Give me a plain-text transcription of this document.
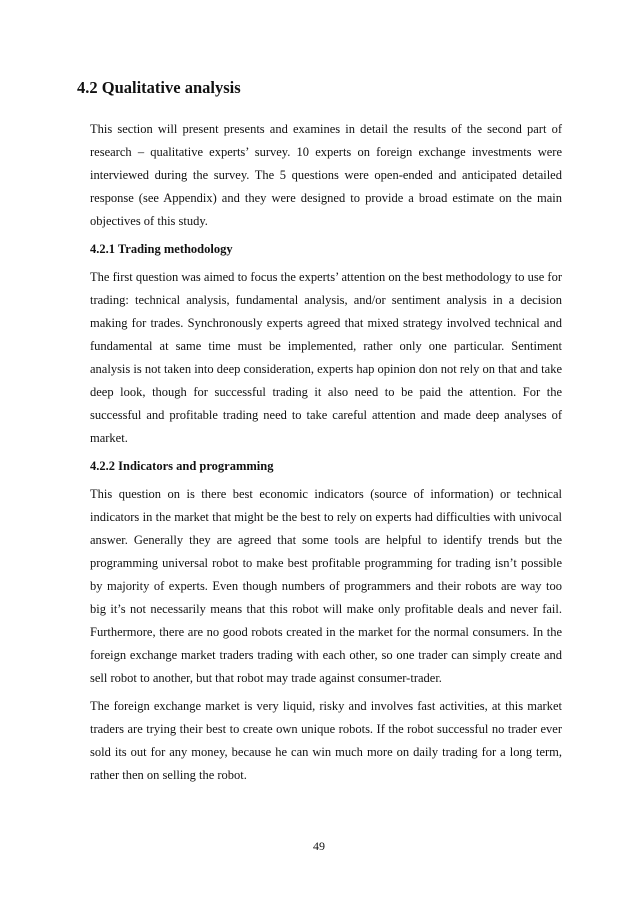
4.2 Qualitative analysis

This section will present presents and examines in detail the results of the second part of research – qualitative experts’ survey. 10 experts on foreign exchange investments were interviewed during the survey. The 5 questions were open-ended and anticipated detailed response (see Appendix) and they were designed to provide a broad estimate on the main objectives of this study.

4.2.1 Trading methodology

The first question was aimed to focus the experts’ attention on the best methodology to use for trading: technical analysis, fundamental analysis, and/or sentiment analysis in a decision making for trades. Synchronously experts agreed that mixed strategy involved technical and fundamental at same time must be implemented, rather only one particular. Sentiment analysis is not taken into deep consideration, experts hap opinion don not rely on that and take deep look, though for successful trading it also need to be paid the attention. For the successful and profitable trading need to take careful attention and made deep analyses of market.

4.2.2 Indicators and programming

This question on is there best economic indicators (source of information) or technical indicators in the market that might be the best to rely on experts had difficulties with univocal answer. Generally they are agreed that some tools are helpful to identify trends but the programming universal robot to make best profitable programming for trading isn’t possible by majority of experts. Even though numbers of programmers and their robots are way too big it’s not necessarily means that this robot will make only profitable deals and never fail. Furthermore, there are no good robots created in the market for the normal consumers. In the foreign exchange market traders trading with each other, so one trader can simply create and sell robot to another, but that robot may trade against consumer-trader.

The foreign exchange market is very liquid, risky and involves fast activities, at this market traders are trying their best to create own unique robots. If the robot successful no trader ever sold its out for any money, because he can win much more on daily trading for a long term, rather then on selling the robot.

49
